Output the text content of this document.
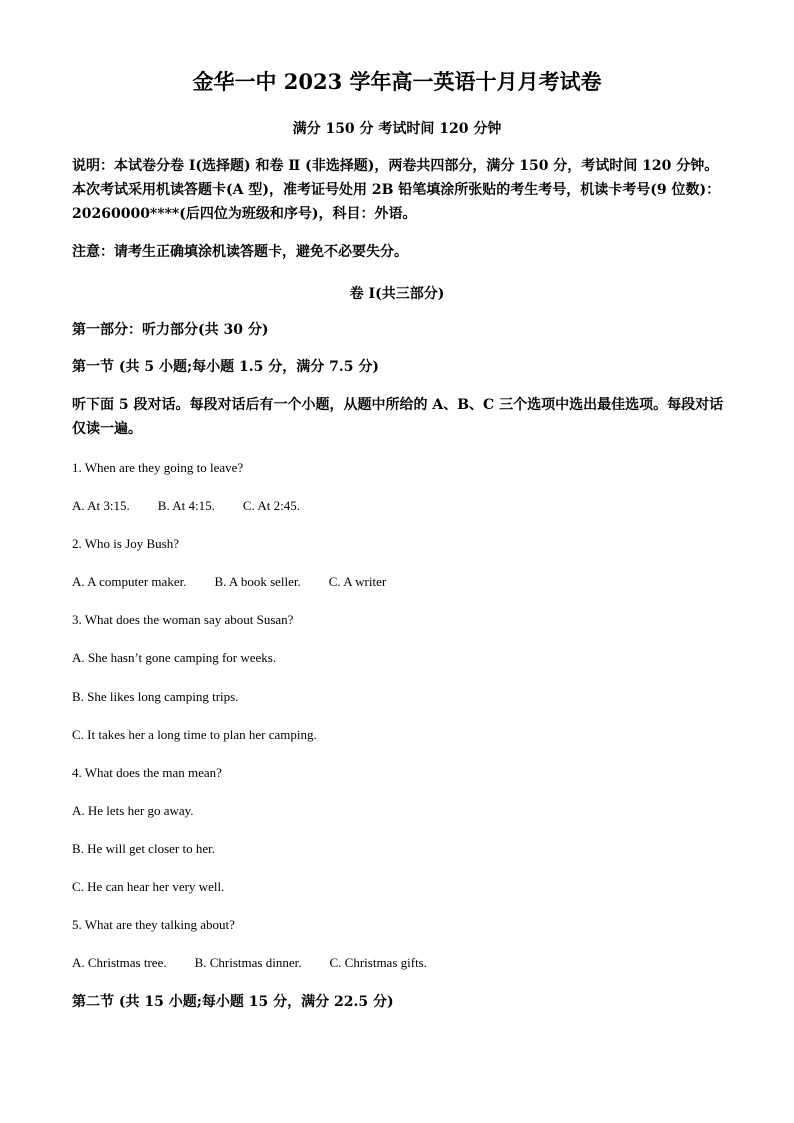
金华一中 2023 学年高一英语十月月考试卷
满分 150 分 考试时间 120 分钟
说明：本试卷分卷 I(选择题) 和卷 Ⅱ (非选择题)，两卷共四部分，满分 150 分，考试时间 120 分钟。本次考试采用机读答题卡(A 型)，准考证号处用 2B 铅笔填涂所张贴的考生考号，机读卡考号(9 位数)：20260000****(后四位为班级和序号)，科目：外语。
注意：请考生正确填涂机读答题卡，避免不必要失分。
卷 I(共三部分)
第一部分：听力部分(共 30 分)
第一节 (共 5 小题;每小题 1.5 分，满分 7.5 分)
听下面 5 段对话。每段对话后有一个小题，从题中所给的 A、B、C 三个选项中选出最佳选项。每段对话仅读一遍。
1. When are they going to leave?
A. At 3:15. B. At 4:15. C. At 2:45.
2. Who is Joy Bush?
A. A computer maker. B. A book seller. C. A writer
3. What does the woman say about Susan?
A. She hasn’t gone camping for weeks.
B. She likes long camping trips.
C. It takes her a long time to plan her camping.
4. What does the man mean?
A. He lets her go away.
B. He will get closer to her.
C. He can hear her very well.
5. What are they talking about?
A. Christmas tree. B. Christmas dinner. C. Christmas gifts.
第二节 (共 15 小题;每小题 15 分，满分 22.5 分)
